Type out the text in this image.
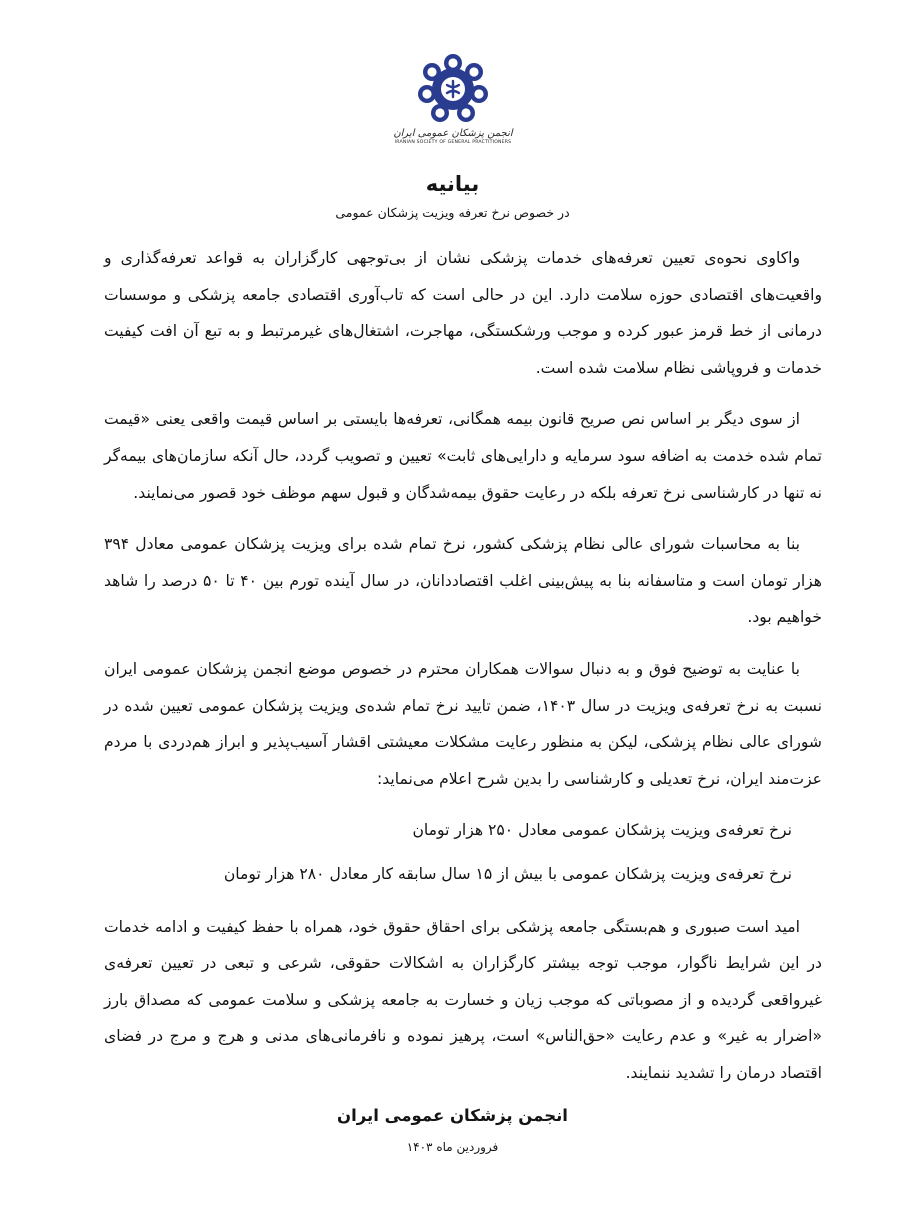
انجمن پزشکان عمومی ایران
IRANIAN SOCIETY OF GENERAL PRACTITIONERS
بیانیه
در خصوص نرخ تعرفه ویزیت پزشکان عمومی

واکاوی نحوه‌ی تعیین تعرفه‌های خدمات پزشکی نشان از بی‌توجهی کارگزاران به قواعد تعرفه‌گذاری و واقعیت‌های اقتصادی حوزه سلامت دارد. این در حالی است که تاب‌آوری اقتصادی جامعه پزشکی و موسسات درمانی از خط قرمز عبور کرده و موجب ورشکستگی، مهاجرت، اشتغال‌های غیرمرتبط و به تبع آن افت کیفیت خدمات و فروپاشی نظام سلامت شده است.

از سوی دیگر بر اساس نص صریح قانون بیمه همگانی، تعرفه‌ها بایستی بر اساس قیمت واقعی یعنی «قیمت تمام شده خدمت به اضافه سود سرمایه و دارایی‌های ثابت» تعیین و تصویب گردد، حال آنکه سازمان‌های بیمه‌گر نه تنها در کارشناسی نرخ تعرفه بلکه در رعایت حقوق بیمه‌شدگان و قبول سهم موظف خود قصور می‌نمایند.

بنا به محاسبات شورای عالی نظام پزشکی کشور، نرخ تمام شده برای ویزیت پزشکان عمومی معادل ۳۹۴ هزار تومان است و متاسفانه بنا به پیش‌بینی اغلب اقتصاددانان، در سال آینده تورم بین ۴۰ تا ۵۰ درصد را شاهد خواهیم بود.

با عنایت به توضیح فوق و به دنبال سوالات همکاران محترم در خصوص موضع انجمن پزشکان عمومی ایران نسبت به نرخ تعرفه‌ی ویزیت در سال ۱۴۰۳، ضمن تایید نرخ تمام شده‌ی ویزیت پزشکان عمومی تعیین شده در شورای عالی نظام پزشکی، لیکن به منظور رعایت مشکلات معیشتی اقشار آسیب‌پذیر و ابراز هم‌دردی با مردم عزت‌مند ایران، نرخ تعدیلی و کارشناسی را بدین شرح اعلام می‌نماید:

نرخ تعرفه‌ی ویزیت پزشکان عمومی معادل ۲۵۰ هزار تومان

نرخ تعرفه‌ی ویزیت پزشکان عمومی با بیش از ۱۵ سال سابقه کار معادل ۲۸۰ هزار تومان

امید است صبوری و هم‌بستگی جامعه پزشکی برای احقاق حقوق خود، همراه با حفظ کیفیت و ادامه خدمات در این شرایط ناگوار، موجب توجه بیشتر کارگزاران به اشکالات حقوقی، شرعی و تبعی در تعیین تعرفه‌ی غیرواقعی گردیده و از مصوباتی که موجب زیان و خسارت به جامعه پزشکی و سلامت عمومی که مصداق بارز «اضرار به غیر» و عدم رعایت «حق‌الناس» است، پرهیز نموده و نافرمانی‌های مدنی و هرج و مرج در فضای اقتصاد درمان را تشدید ننمایند.

انجمن پزشکان عمومی ایران
فروردین ماه ۱۴۰۳
